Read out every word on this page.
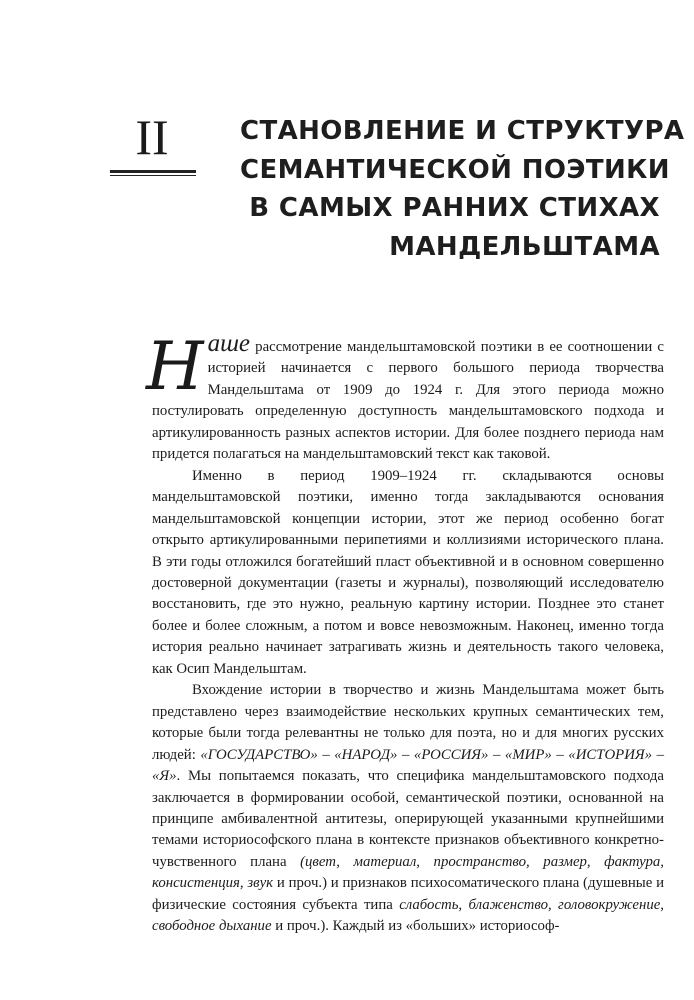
II	СТАНОВЛЕНИЕ И СТРУКТУРА
СЕМАНТИЧЕСКОЙ ПОЭТИКИ
В САМЫХ РАННИХ СТИХАХ
МАНДЕЛЬШТАМА

Наше рассмотрение мандельштамовской поэтики в ее соотношении с историей начинается с первого большого периода творчества Мандельштама от 1909 до 1924 г. Для этого периода можно постулировать определенную доступность мандельштамовского подхода и артикулированность разных аспектов истории. Для более позднего периода нам придется полагаться на мандельштамовский текст как таковой.

Именно в период 1909–1924 гг. складываются основы мандельштамовской поэтики, именно тогда закладываются основания мандельштамовской концепции истории, этот же период особенно богат открыто артикулированными перипетиями и коллизиями исторического плана. В эти годы отложился богатейший пласт объективной и в основном совершенно достоверной документации (газеты и журналы), позволяющий исследователю восстановить, где это нужно, реальную картину истории. Позднее это станет более и более сложным, а потом и вовсе невозможным. Наконец, именно тогда история реально начинает затрагивать жизнь и деятельность такого человека, как Осип Мандельштам.

Вхождение истории в творчество и жизнь Мандельштама может быть представлено через взаимодействие нескольких крупных семантических тем, которые были тогда релевантны не только для поэта, но и для многих русских людей: «ГОСУДАРСТВО» – «НАРОД» – «РОССИЯ» – «МИР» – «ИСТОРИЯ» – «Я». Мы попытаемся показать, что специфика мандельштамовского подхода заключается в формировании особой, семантической поэтики, основанной на принципе амбивалентной антитезы, оперирующей указанными крупнейшими темами историософского плана в контексте признаков объективного конкретно-чувственного плана (цвет, материал, пространство, размер, фактура, консистенция, звук и проч.) и признаков психосоматического плана (душевные и физические состояния субъекта типа слабость, блаженство, головокружение, свободное дыхание и проч.). Каждый из «больших» историософ-
